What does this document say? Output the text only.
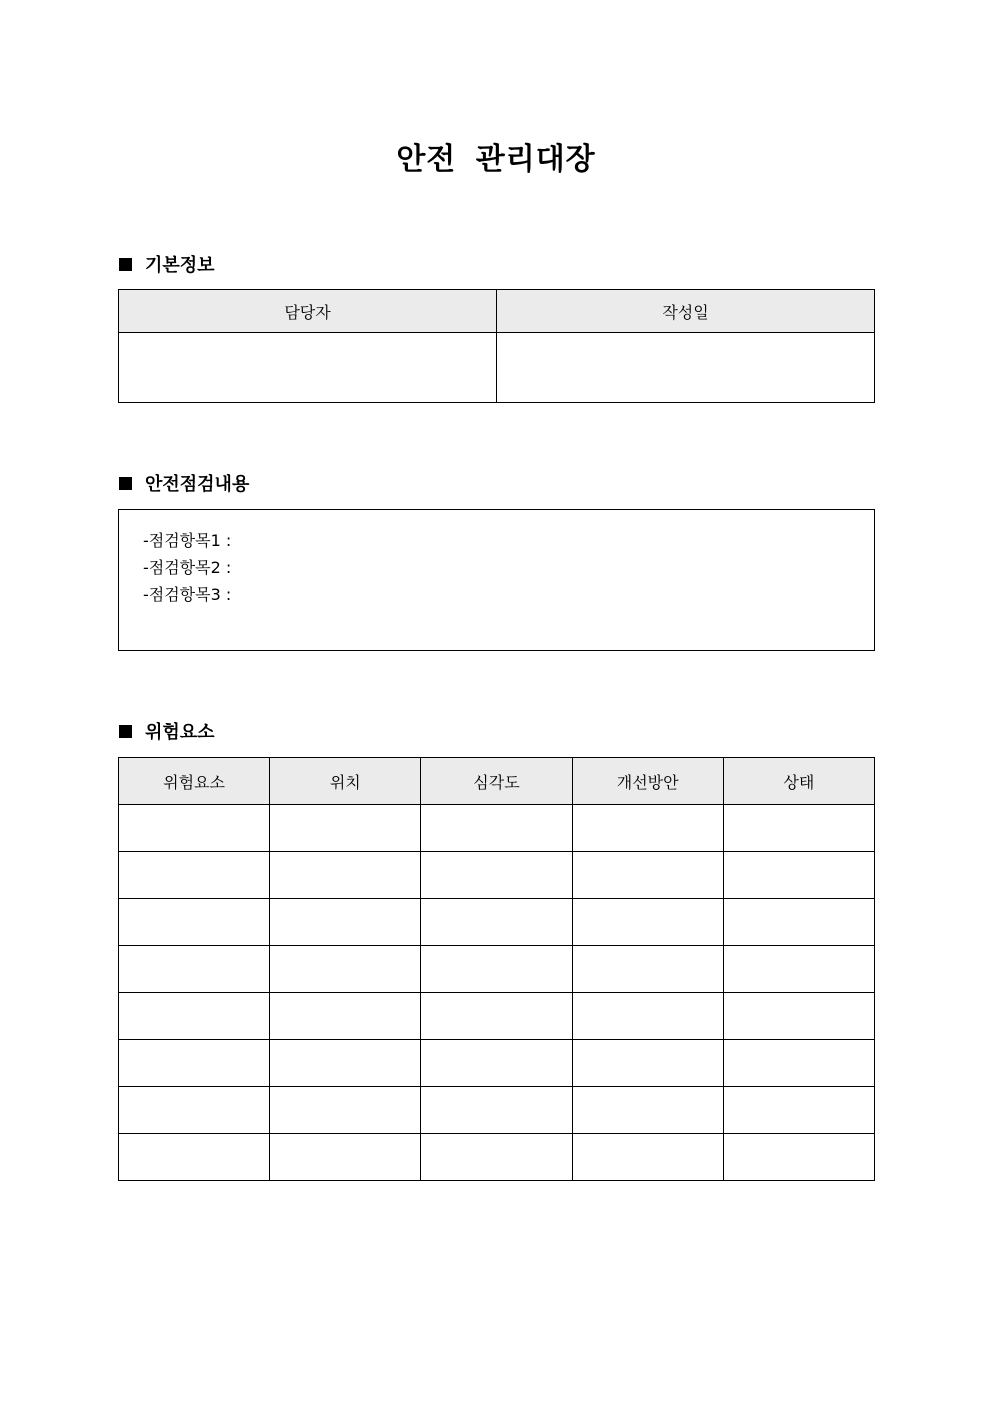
안전 관리대장
기본정보
담당자	작성일

안전점검내용
-점검항목1 :
-점검항목2 :
-점검항목3 :
위험요소
위험요소	위치	심각도	개선방안	상태
